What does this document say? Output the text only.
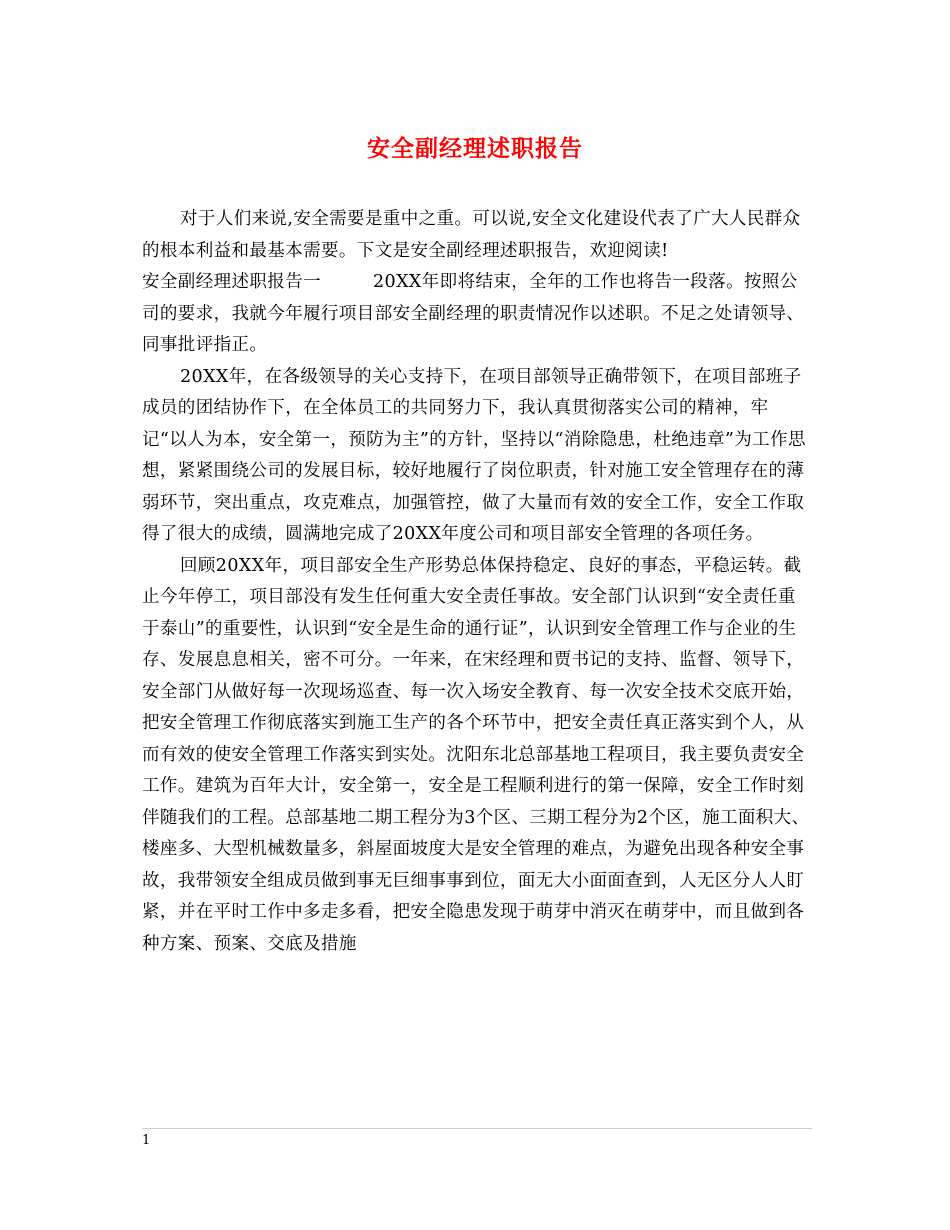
安全副经理述职报告

对于人们来说,安全需要是重中之重。可以说,安全文化建设代表了广大人民群众的根本利益和最基本需要。下文是安全副经理述职报告，欢迎阅读!

安全副经理述职报告一	20XX年即将结束，全年的工作也将告一段落。按照公司的要求，我就今年履行项目部安全副经理的职责情况作以述职。不足之处请领导、同事批评指正。

20XX年，在各级领导的关心支持下，在项目部领导正确带领下，在项目部班子成员的团结协作下，在全体员工的共同努力下，我认真贯彻落实公司的精神，牢记“以人为本，安全第一，预防为主”的方针，坚持以“消除隐患，杜绝违章”为工作思想，紧紧围绕公司的发展目标，较好地履行了岗位职责，针对施工安全管理存在的薄弱环节，突出重点，攻克难点，加强管控，做了大量而有效的安全工作，安全工作取得了很大的成绩，圆满地完成了20XX年度公司和项目部安全管理的各项任务。

回顾20XX年，项目部安全生产形势总体保持稳定、良好的事态，平稳运转。截止今年停工，项目部没有发生任何重大安全责任事故。安全部门认识到“安全责任重于泰山”的重要性，认识到“安全是生命的通行证”，认识到安全管理工作与企业的生存、发展息息相关，密不可分。一年来，在宋经理和贾书记的支持、监督、领导下，安全部门从做好每一次现场巡查、每一次入场安全教育、每一次安全技术交底开始，把安全管理工作彻底落实到施工生产的各个环节中，把安全责任真正落实到个人，从而有效的使安全管理工作落实到实处。沈阳东北总部基地工程项目，我主要负责安全工作。建筑为百年大计，安全第一，安全是工程顺利进行的第一保障，安全工作时刻伴随我们的工程。总部基地二期工程分为3个区、三期工程分为2个区，施工面积大、楼座多、大型机械数量多，斜屋面坡度大是安全管理的难点，为避免出现各种安全事故，我带领安全组成员做到事无巨细事事到位，面无大小面面查到，人无区分人人盯紧，并在平时工作中多走多看，把安全隐患发现于萌芽中消灭在萌芽中，而且做到各种方案、预案、交底及措施

1
